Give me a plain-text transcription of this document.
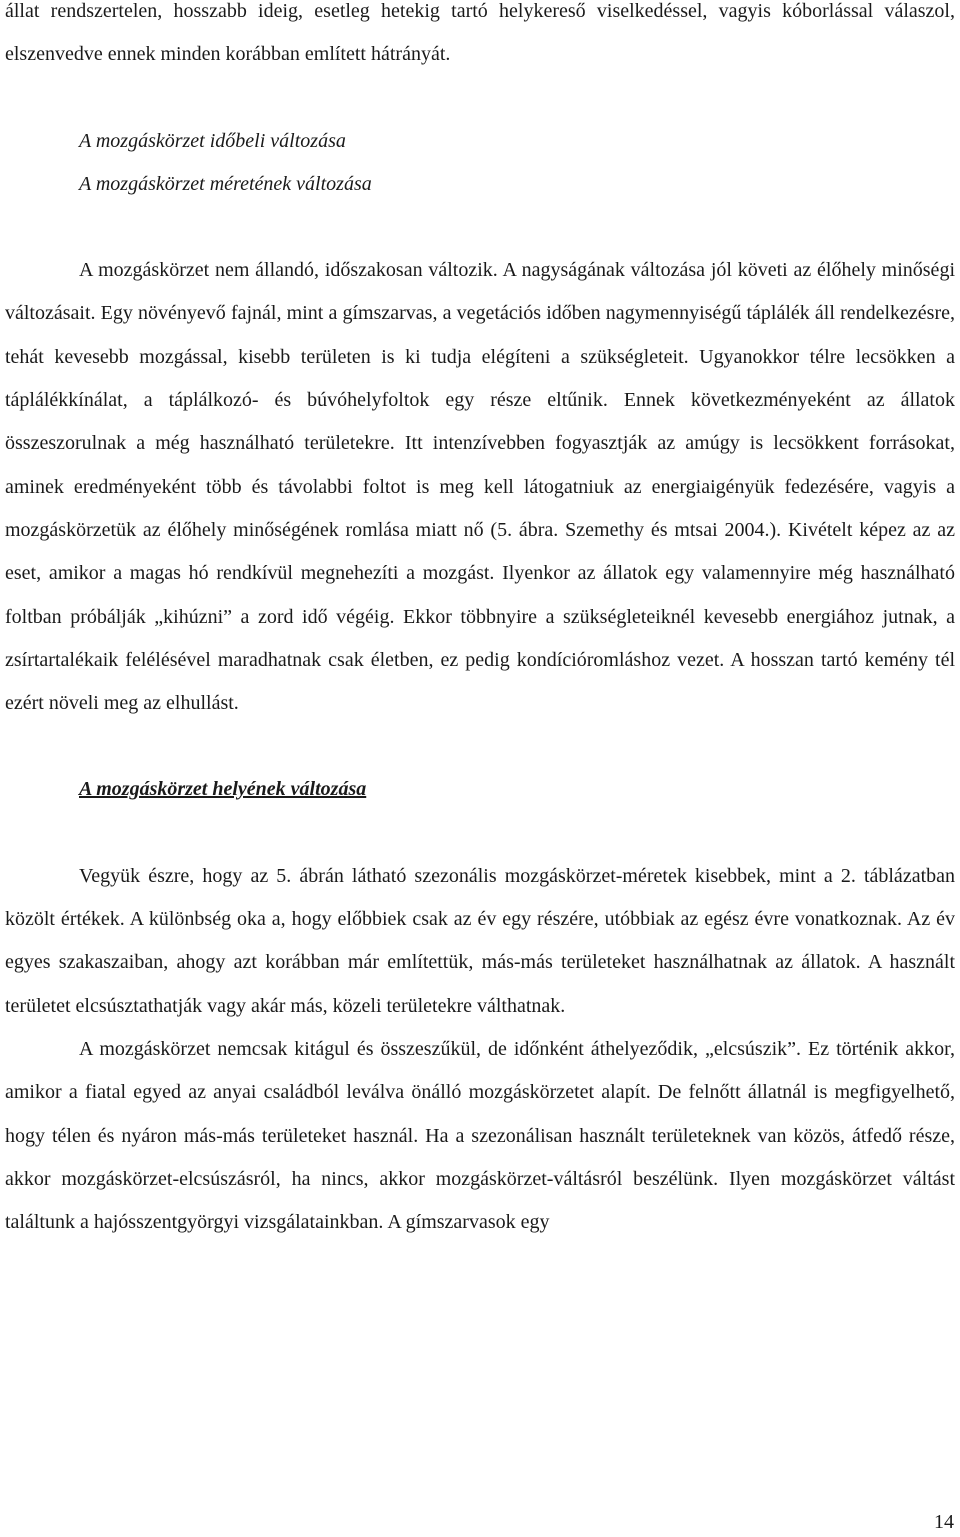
állat rendszertelen, hosszabb ideig, esetleg hetekig tartó helykereső viselkedéssel, vagyis kóborlással válaszol, elszenvedve ennek minden korábban említett hátrányát.

A mozgáskörzet időbeli változása

A mozgáskörzet méretének változása

A mozgáskörzet nem állandó, időszakosan változik. A nagyságának változása jól követi az élőhely minőségi változásait. Egy növényevő fajnál, mint a gímszarvas, a vegetációs időben nagymennyiségű táplálék áll rendelkezésre, tehát kevesebb mozgással, kisebb területen is ki tudja elégíteni a szükségleteit. Ugyanokkor télre lecsökken a táplálékkínálat, a táplálkozó- és búvóhelyfoltok egy része eltűnik. Ennek következményeként az állatok összeszorulnak a még használható területekre. Itt intenzívebben fogyasztják az amúgy is lecsökkent forrásokat, aminek eredményeként több és távolabbi foltot is meg kell látogatniuk az energiaigényük fedezésére, vagyis a mozgáskörzetük az élőhely minőségének romlása miatt nő (5. ábra. Szemethy és mtsai 2004.). Kivételt képez az az eset, amikor a magas hó rendkívül megnehezíti a mozgást. Ilyenkor az állatok egy valamennyire még használható foltban próbálják „kihúzni” a zord idő végéig. Ekkor többnyire a szükségleteiknél kevesebb energiához jutnak, a zsírtartalékaik felélésével maradhatnak csak életben, ez pedig kondícióromláshoz vezet. A hosszan tartó kemény tél ezért növeli meg az elhullást.

A mozgáskörzet helyének változása

Vegyük észre, hogy az 5. ábrán látható szezonális mozgáskörzet-méretek kisebbek, mint a 2. táblázatban közölt értékek. A különbség oka a, hogy előbbiek csak az év egy részére, utóbbiak az egész évre vonatkoznak. Az év egyes szakaszaiban, ahogy azt korábban már említettük, más-más területeket használhatnak az állatok. A használt területet elcsúsztathatják vagy akár más, közeli területekre válthatnak.

A mozgáskörzet nemcsak kitágul és összeszűkül, de időnként áthelyeződik, „elcsúszik”. Ez történik akkor, amikor a fiatal egyed az anyai családból leválva önálló mozgáskörzetet alapít. De felnőtt állatnál is megfigyelhető, hogy télen és nyáron más-más területeket használ. Ha a szezonálisan használt területeknek van közös, átfedő része, akkor mozgáskörzet-elcsúszásról, ha nincs, akkor mozgáskörzet-váltásról beszélünk. Ilyen mozgáskörzet váltást találtunk a hajósszentgyörgyi vizsgálatainkban. A gímszarvasok egy

14
